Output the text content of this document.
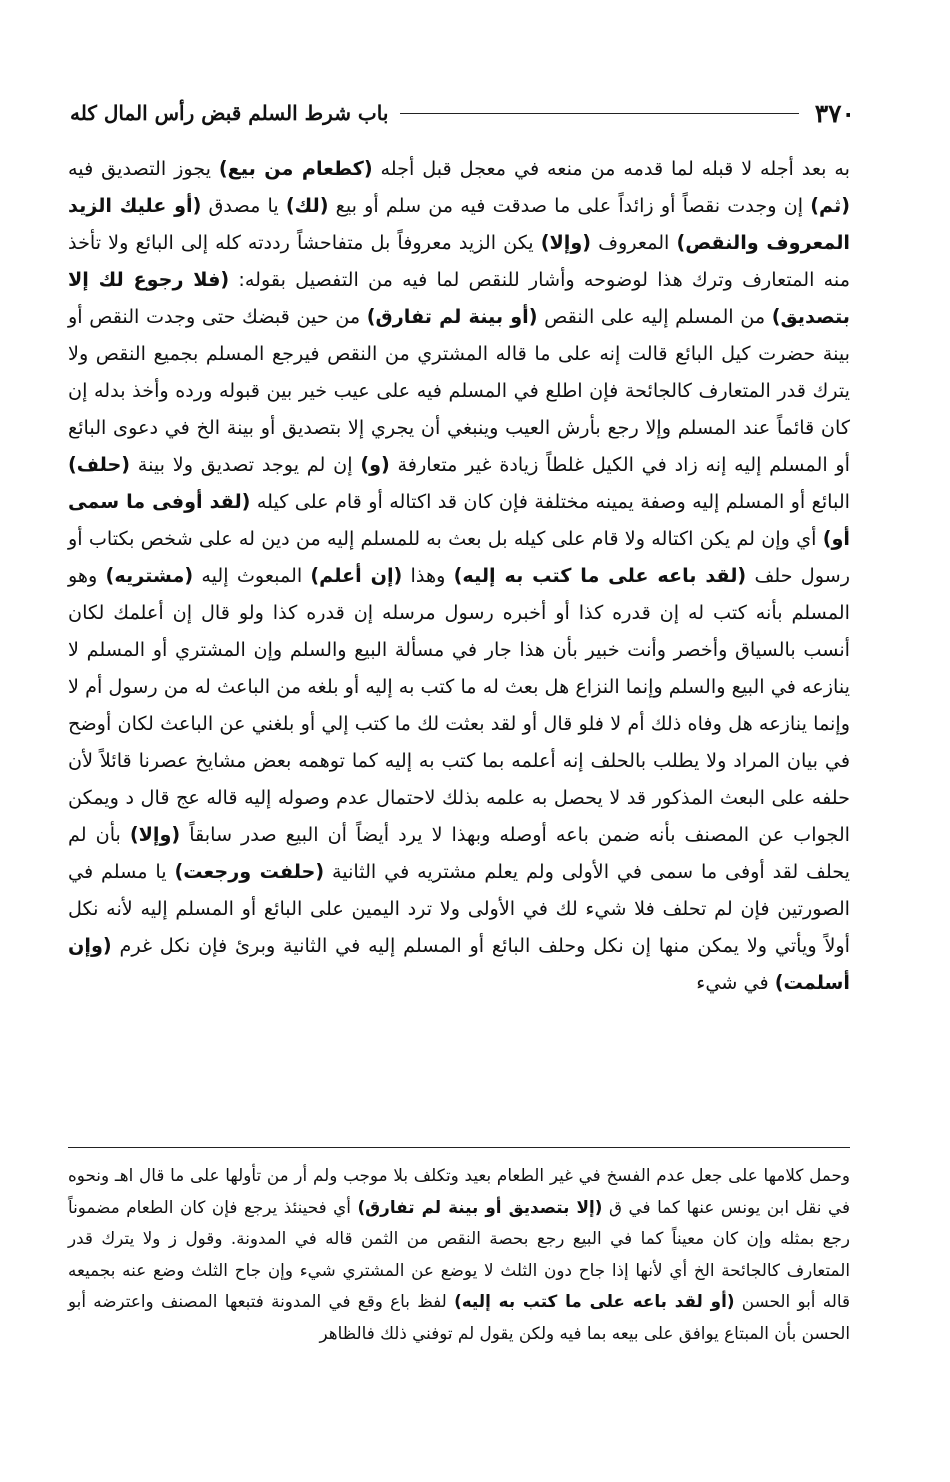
٣٧٠
باب شرط السلم قبض رأس المال كله

به بعد أجله لا قبله لما قدمه من منعه في معجل قبل أجله (كطعام من بيع) يجوز التصديق فيه (ثم) إن وجدت نقصاً أو زائداً على ما صدقت فيه من سلم أو بيع (لك) يا مصدق (أو عليك الزيد المعروف والنقص) المعروف (وإلا) يكن الزيد معروفاً بل متفاحشاً رددته كله إلى البائع ولا تأخذ منه المتعارف وترك هذا لوضوحه وأشار للنقص لما فيه من التفصيل بقوله: (فلا رجوع لك إلا بتصديق) من المسلم إليه على النقص (أو بينة لم تفارق) من حين قبضك حتى وجدت النقص أو بينة حضرت كيل البائع قالت إنه على ما قاله المشتري من النقص فيرجع المسلم بجميع النقص ولا يترك قدر المتعارف كالجائحة فإن اطلع في المسلم فيه على عيب خير بين قبوله ورده وأخذ بدله إن كان قائماً عند المسلم وإلا رجع بأرش العيب وينبغي أن يجري إلا بتصديق أو بينة الخ في دعوى البائع أو المسلم إليه إنه زاد في الكيل غلطاً زيادة غير متعارفة (و) إن لم يوجد تصديق ولا بينة (حلف) البائع أو المسلم إليه وصفة يمينه مختلفة فإن كان قد اكتاله أو قام على كيله (لقد أوفى ما سمى أو) أي وإن لم يكن اكتاله ولا قام على كيله بل بعث به للمسلم إليه من دين له على شخص بكتاب أو رسول حلف (لقد باعه على ما كتب به إليه) وهذا (إن أعلم) المبعوث إليه (مشتريه) وهو المسلم بأنه كتب له إن قدره كذا أو أخبره رسول مرسله إن قدره كذا ولو قال إن أعلمك لكان أنسب بالسياق وأخصر وأنت خبير بأن هذا جار في مسألة البيع والسلم وإن المشتري أو المسلم لا ينازعه في البيع والسلم وإنما النزاع هل بعث له ما كتب به إليه أو بلغه من الباعث له من رسول أم لا وإنما ينازعه هل وفاه ذلك أم لا فلو قال أو لقد بعثت لك ما كتب إلي أو بلغني عن الباعث لكان أوضح في بيان المراد ولا يطلب بالحلف إنه أعلمه بما كتب به إليه كما توهمه بعض مشايخ عصرنا قائلاً لأن حلفه على البعث المذكور قد لا يحصل به علمه بذلك لاحتمال عدم وصوله إليه قاله عج قال د ويمكن الجواب عن المصنف بأنه ضمن باعه أوصله وبهذا لا يرد أيضاً أن البيع صدر سابقاً (وإلا) بأن لم يحلف لقد أوفى ما سمى في الأولى ولم يعلم مشتريه في الثانية (حلفت ورجعت) يا مسلم في الصورتين فإن لم تحلف فلا شيء لك في الأولى ولا ترد اليمين على البائع أو المسلم إليه لأنه نكل أولاً ويأتي ولا يمكن منها إن نكل وحلف البائع أو المسلم إليه في الثانية وبرئ فإن نكل غرم (وإن أسلمت) في شيء

وحمل كلامها على جعل عدم الفسخ في غير الطعام بعيد وتكلف بلا موجب ولم أر من تأولها على ما قال اهـ ونحوه في نقل ابن يونس عنها كما في ق (إلا بتصديق أو بينة لم تفارق) أي فحينئذ يرجع فإن كان الطعام مضموناً رجع بمثله وإن كان معيناً كما في البيع رجع بحصة النقص من الثمن قاله في المدونة. وقول ز ولا يترك قدر المتعارف كالجائحة الخ أي لأنها إذا جاح دون الثلث لا يوضع عن المشتري شيء وإن جاح الثلث وضع عنه بجميعه قاله أبو الحسن (أو لقد باعه على ما كتب به إليه) لفظ باع وقع في المدونة فتبعها المصنف واعترضه أبو الحسن بأن المبتاع يوافق على بيعه بما فيه ولكن يقول لم توفني ذلك فالظاهر
